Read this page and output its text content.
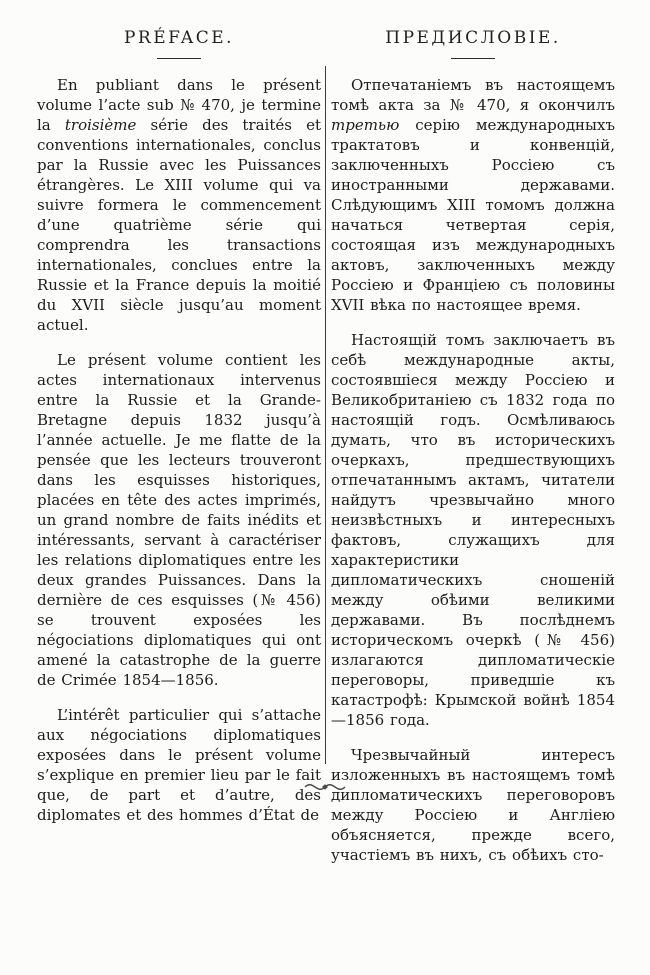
PRÉFACE.

En publiant dans le présent volume l’acte sub № 470, je termine la troisième série des traités et conventions internationales, conclus par la Russie avec les Puissances étrangères. Le XIII volume qui va suivre formera le commencement d’une quatrième série qui comprendra les transactions internationales, conclues entre la Russie et la France depuis la moitié du XVII siècle jusqu’au moment actuel.

Le présent volume contient les actes internationaux intervenus entre la Russie et la Grande-Bretagne depuis 1832 jusqu’à l’année actuelle. Je me flatte de la pensée que les lecteurs trouveront dans les esquisses historiques, placées en tête des actes imprimés, un grand nombre de faits inédits et intéressants, servant à caractériser les relations diplomatiques entre les deux grandes Puissances. Dans la dernière de ces esquisses (№ 456) se trouvent exposées les négociations diplomatiques qui ont amené la catastrophe de la guerre de Crimée 1854—1856.

L’intérêt particulier qui s’attache aux négociations diplomatiques exposées dans le présent volume s’explique en premier lieu par le fait que, de part et d’autre, des diplomates et des hommes d’État de

ПРЕДИСЛОВІЕ.

Отпечатаніемъ въ настоящемъ томѣ акта за № 470, я окончилъ третью серію международныхъ трактатовъ и конвенцій, заключенныхъ Россіею съ иностранными державами. Слѣдующимъ XIII томомъ должна начаться четвертая серія, состоящая изъ международныхъ актовъ, заключенныхъ между Россіею и Франціею съ половины XVII вѣка по настоящее время.

Настоящій томъ заключаетъ въ себѣ международные акты, состоявшіеся между Россіею и Великобританіею съ 1832 года по настоящій годъ. Осмѣливаюсь думать, что въ историческихъ очеркахъ, предшествующихъ отпечатаннымъ актамъ, читатели найдутъ чрезвычайно много неизвѣстныхъ и интересныхъ фактовъ, служащихъ для характеристики дипломатическихъ сношеній между обѣими великими державами. Въ послѣднемъ историческомъ очеркѣ (№ 456) излагаются дипломатическіе переговоры, приведшіе къ катастрофѣ: Крымской войнѣ 1854—1856 года.

Чрезвычайный интересъ изложенныхъ въ настоящемъ томѣ дипломатическихъ переговоровъ между Россіею и Англіею объясняется, прежде всего, участіемъ въ нихъ, съ обѣихъ сто-
